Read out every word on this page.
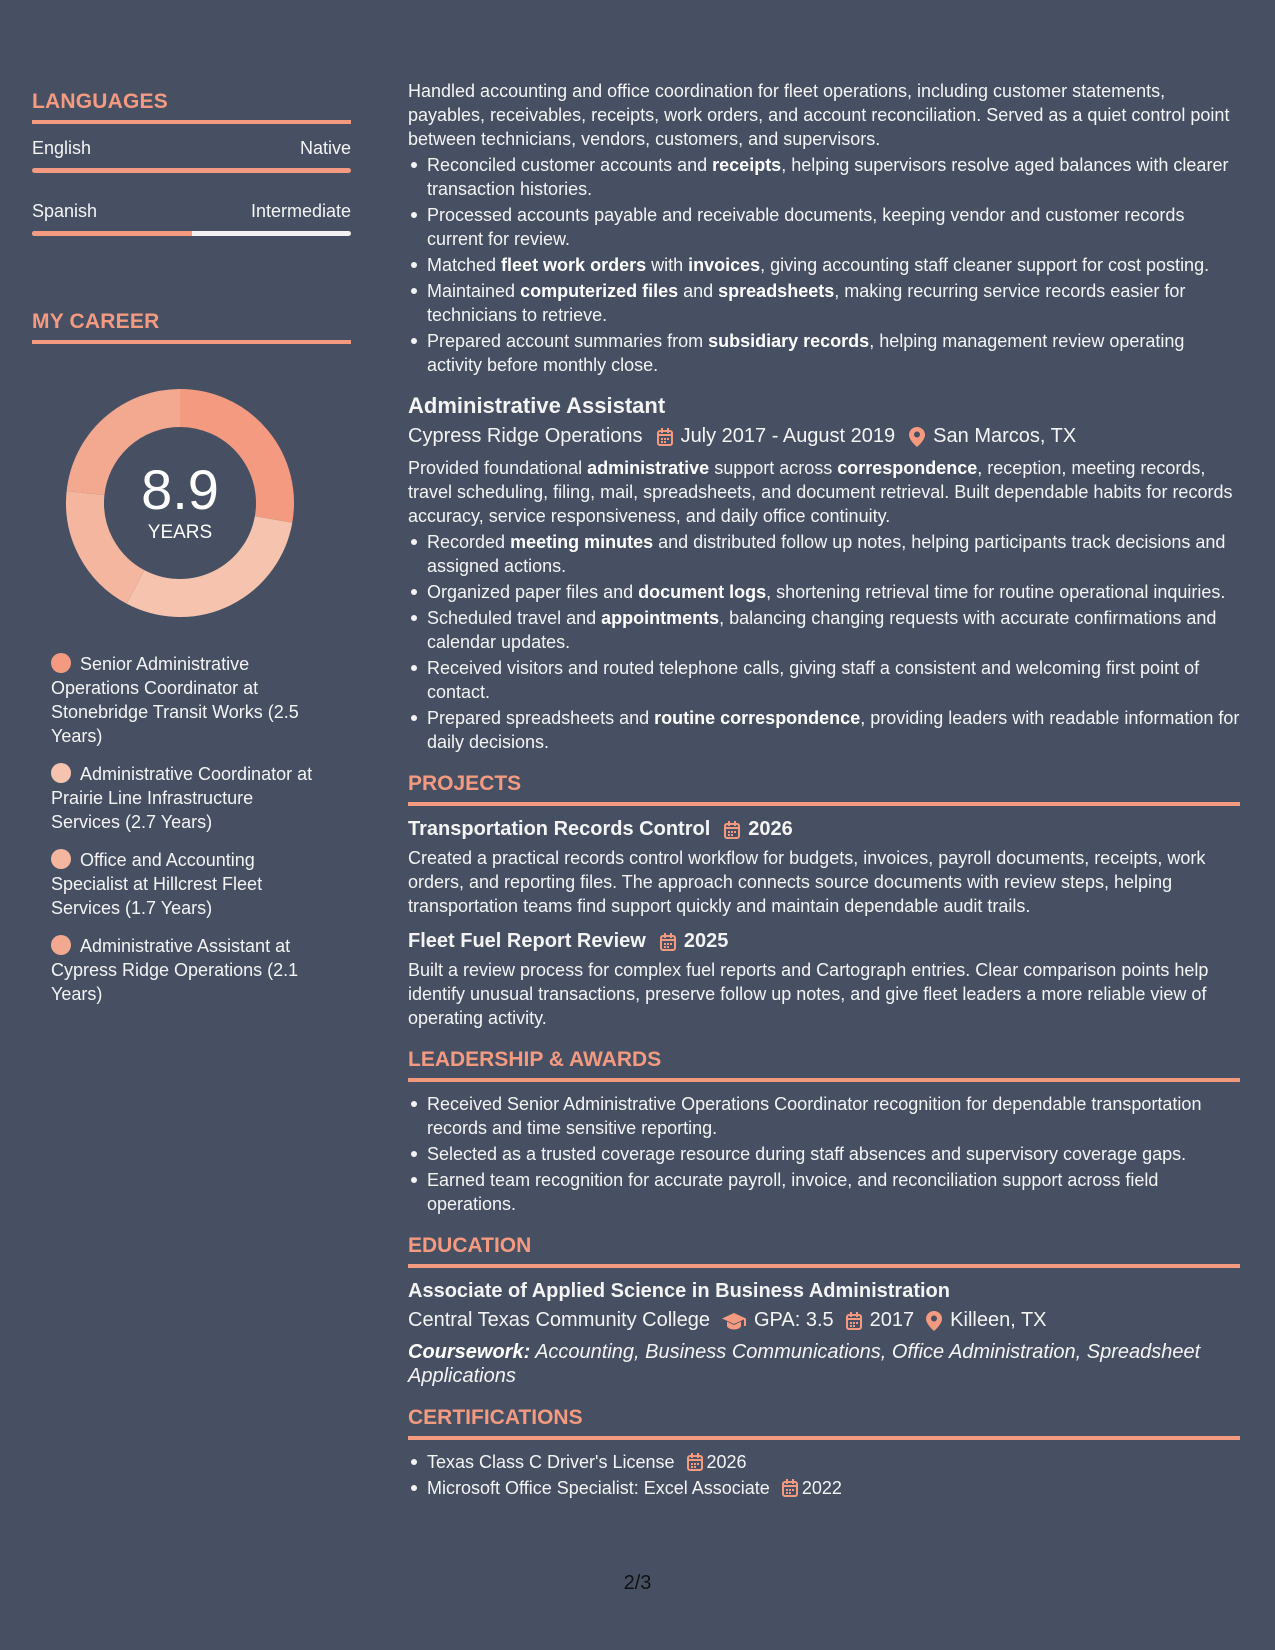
LANGUAGES
English	Native
Spanish	Intermediate
MY CAREER
8.9
YEARS
Senior Administrative Operations Coordinator at Stonebridge Transit Works (2.5 Years)
Administrative Coordinator at Prairie Line Infrastructure Services (2.7 Years)
Office and Accounting Specialist at Hillcrest Fleet Services (1.7 Years)
Administrative Assistant at Cypress Ridge Operations (2.1 Years)

Handled accounting and office coordination for fleet operations, including customer statements, payables, receivables, receipts, work orders, and account reconciliation. Served as a quiet control point between technicians, vendors, customers, and supervisors.

Reconciled customer accounts and receipts, helping supervisors resolve aged balances with clearer transaction histories.
Processed accounts payable and receivable documents, keeping vendor and customer records current for review.
Matched fleet work orders with invoices, giving accounting staff cleaner support for cost posting.
Maintained computerized files and spreadsheets, making recurring service records easier for technicians to retrieve.
Prepared account summaries from subsidiary records, helping management review operating activity before monthly close.
Administrative Assistant
Cypress Ridge Operations July 2017 - August 2019 San Marcos, TX

Provided foundational administrative support across correspondence, reception, meeting records, travel scheduling, filing, mail, spreadsheets, and document retrieval. Built dependable habits for records accuracy, service responsiveness, and daily office continuity.

Recorded meeting minutes and distributed follow up notes, helping participants track decisions and assigned actions.
Organized paper files and document logs, shortening retrieval time for routine operational inquiries.
Scheduled travel and appointments, balancing changing requests with accurate confirmations and calendar updates.
Received visitors and routed telephone calls, giving staff a consistent and welcoming first point of contact.
Prepared spreadsheets and routine correspondence, providing leaders with readable information for daily decisions.
PROJECTS
Transportation Records Control 2026

Created a practical records control workflow for budgets, invoices, payroll documents, receipts, work orders, and reporting files. The approach connects source documents with review steps, helping transportation teams find support quickly and maintain dependable audit trails.

Fleet Fuel Report Review 2025

Built a review process for complex fuel reports and Cartograph entries. Clear comparison points help identify unusual transactions, preserve follow up notes, and give fleet leaders a more reliable view of operating activity.

LEADERSHIP & AWARDS
Received Senior Administrative Operations Coordinator recognition for dependable transportation records and time sensitive reporting.
Selected as a trusted coverage resource during staff absences and supervisory coverage gaps.
Earned team recognition for accurate payroll, invoice, and reconciliation support across field operations.
EDUCATION
Associate of Applied Science in Business Administration
Central Texas Community College GPA: 3.5 2017 Killeen, TX

Coursework: Accounting, Business Communications, Office Administration, Spreadsheet Applications

CERTIFICATIONS
Texas Class C Driver's License 2026
Microsoft Office Specialist: Excel Associate 2022
2/3
